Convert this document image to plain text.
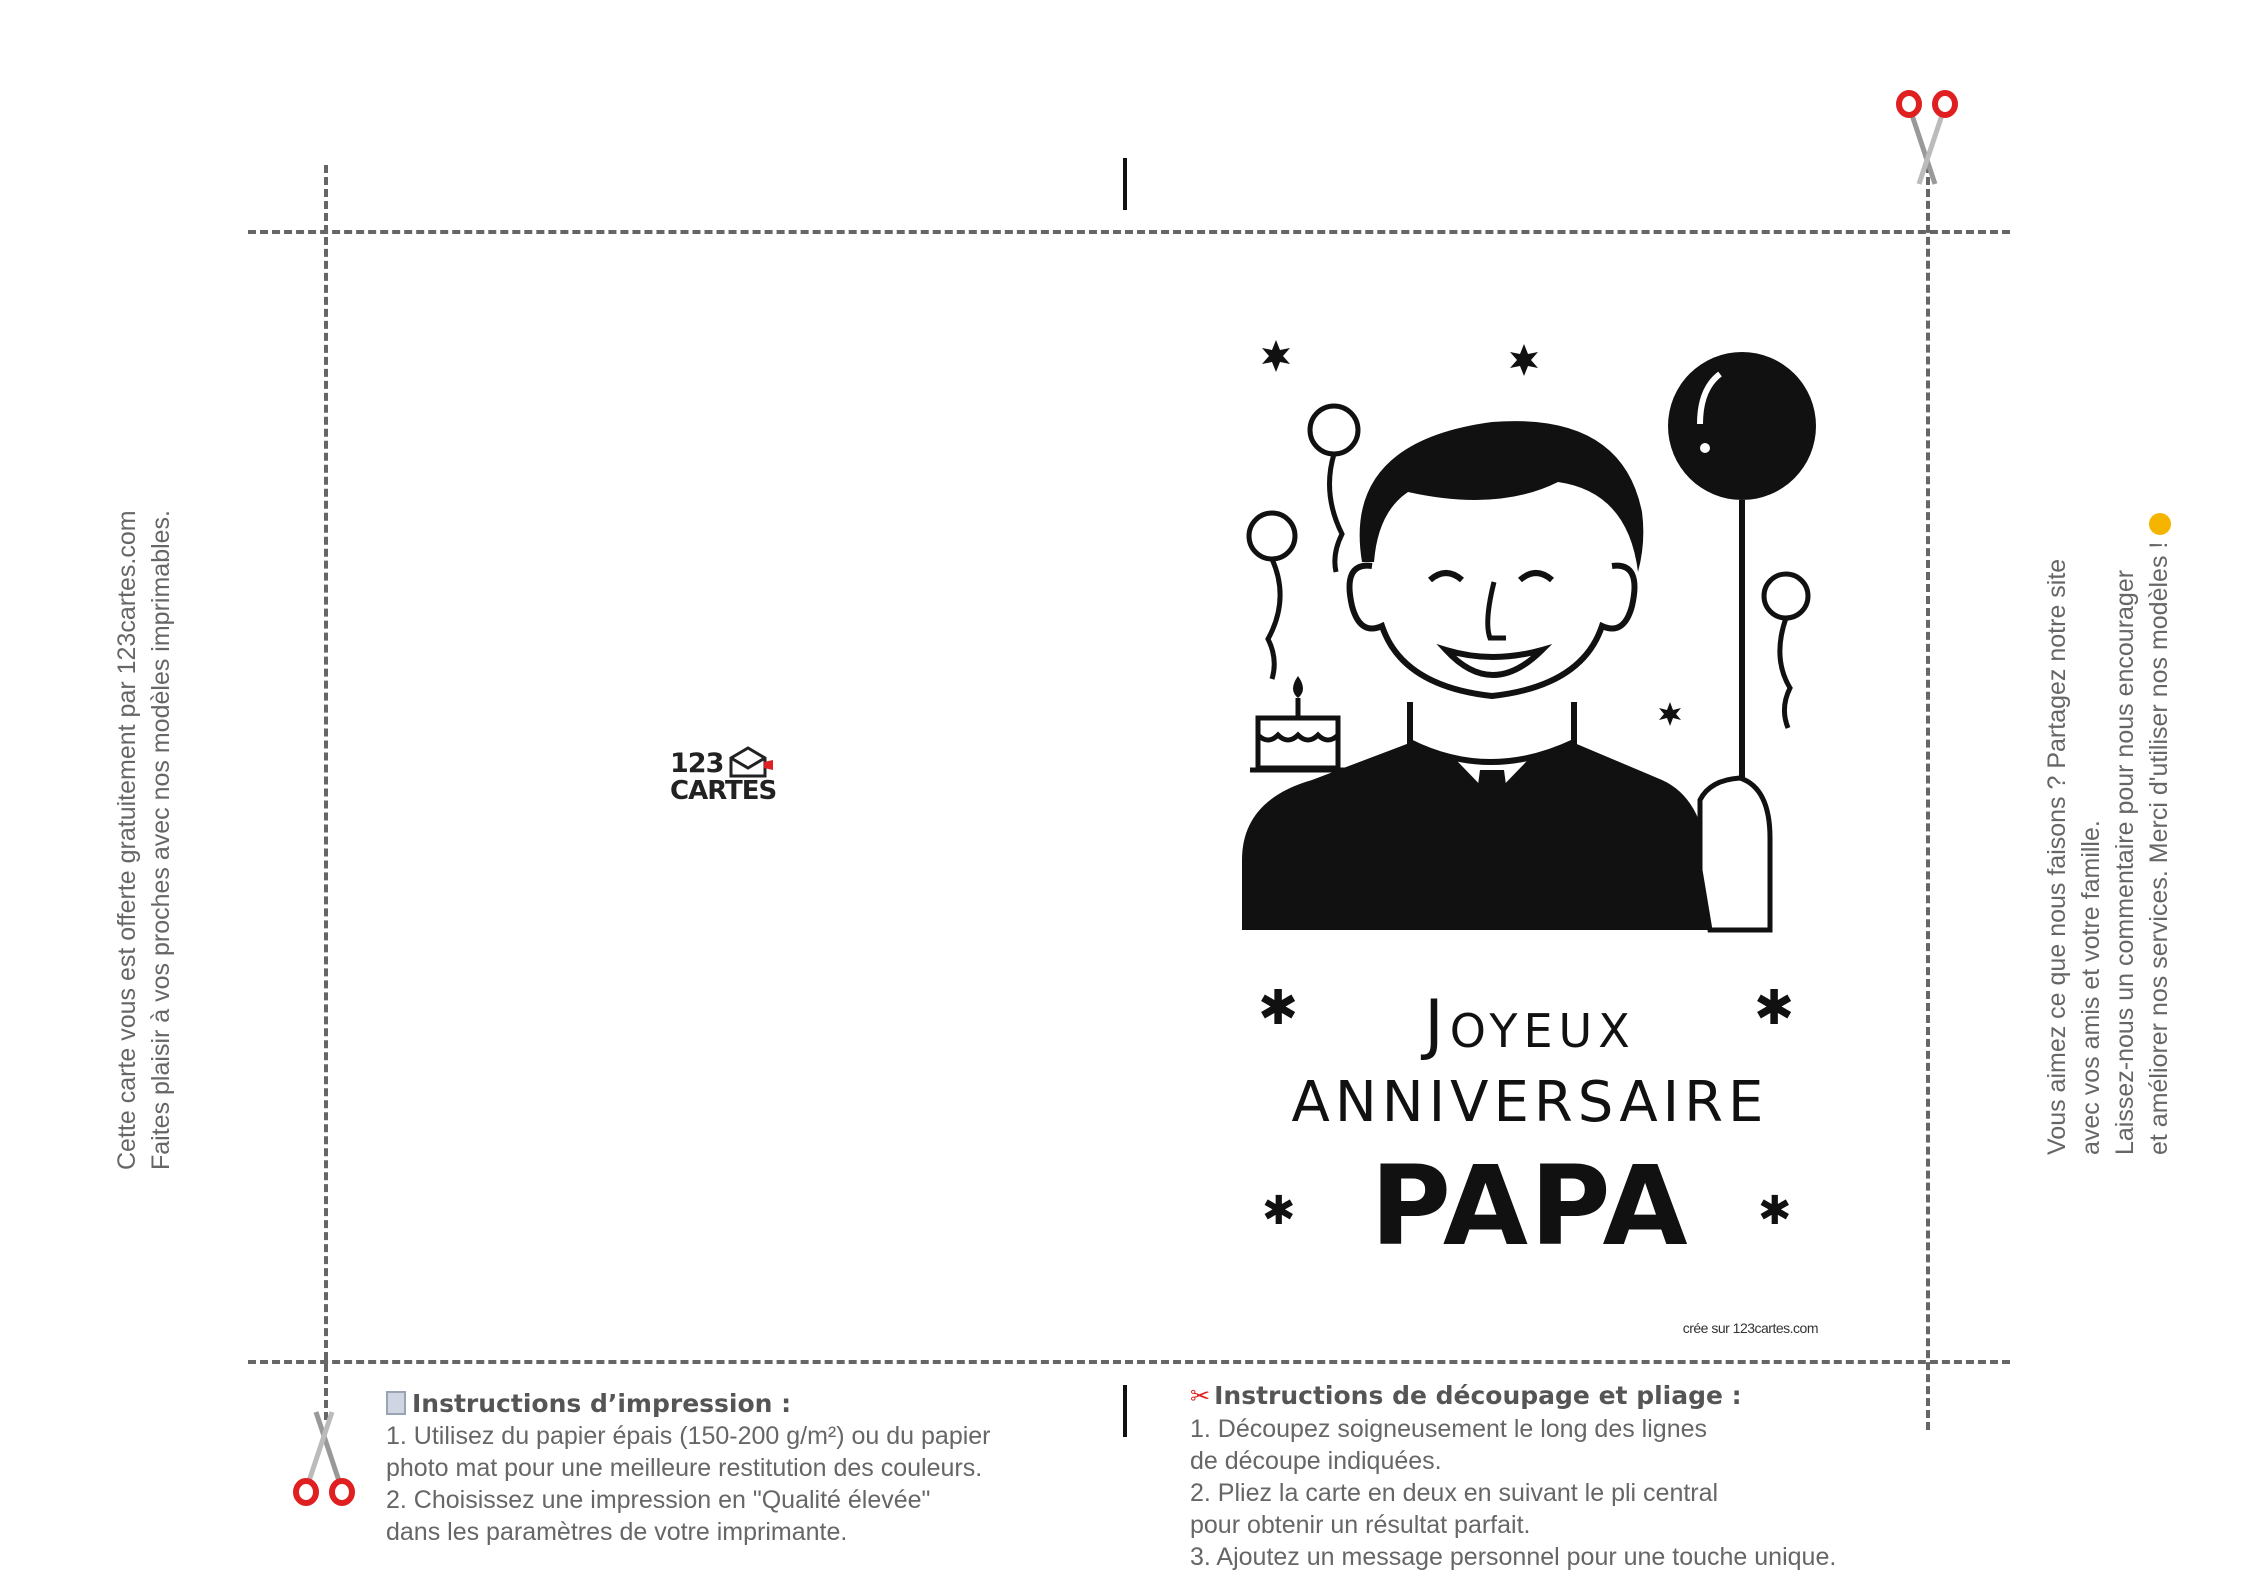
Cette carte vous est offerte gratuitement par 123cartes.com Faites plaisir à vos proches avec nos modèles imprimables.	Vous aimez ce que nous faisons ? Partagez notre site avec vos amis et votre famille. Laissez-nous un commentaire pour nous encourager et améliorer nos services. Merci d'utiliser nos modèles !
123
CARTES
✱	✱
✱	✱
Joyeux
ANNIVERSAIRE
PAPA
crée sur 123cartes.com
Instructions d’impression :
1. Utilisez du papier épais (150-200 g/m²) ou du papier
photo mat pour une meilleure restitution des couleurs.
2. Choisissez une impression en "Qualité élevée"
dans les paramètres de votre imprimante.
✂ Instructions de découpage et pliage :
1. Découpez soigneusement le long des lignes
de découpe indiquées.
2. Pliez la carte en deux en suivant le pli central
pour obtenir un résultat parfait.
3. Ajoutez un message personnel pour une touche unique.
